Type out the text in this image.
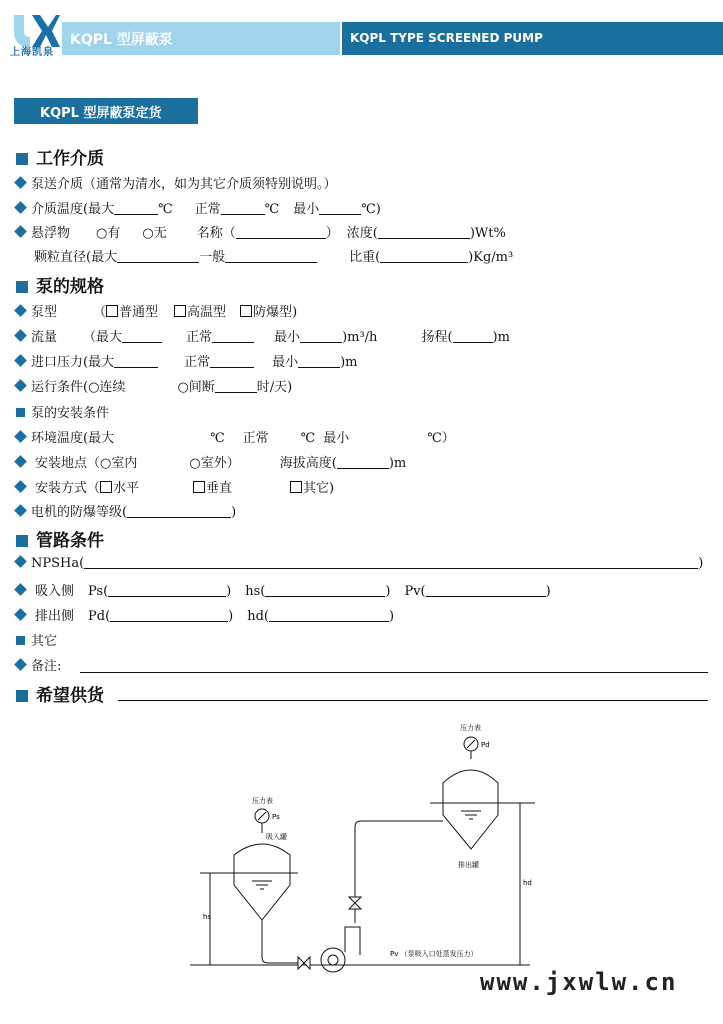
上海凯泉
KQPL 型屏蔽泵	KQPL TYPE SCREENED PUMP
KQPL 型屏蔽泵定货
工作介质
泵送介质（通常为清水，如为其它介质须特别说明。）
介质温度(最大	℃ 正常	℃ 最小	℃)
悬浮物 ○有 ○无 名称（	） 浓度(	)Wt%
颗粒直径(最大	一般	比重(	)Kg/m³
泵的规格
泵型	（ 普通型 高温型 防爆型)
流量 （最大	正常	最小	)m³/h	扬程(	)m
进口压力(最大	正常	最小	)m
运行条件(○连续	○间断	时/天)
泵的安装条件
环境温度(最大	℃ 正常 ℃ 最小	℃）
安装地点（○室内	○室外）	海拔高度(	)m
安装方式（ 水平	垂直	其它)
电机的防爆等级(	)
管路条件
NPSHa(	)
吸入侧 Ps(	) hs(	) Pv(	)
排出侧 Pd(	) hd(	)
其它
备注:
希望供货
压力表
Ps
吸入罐
压力表
Pd
排出罐
hs
hd
Pv （泵吸入口处蒸发压力）
www.jxwlw.cn
